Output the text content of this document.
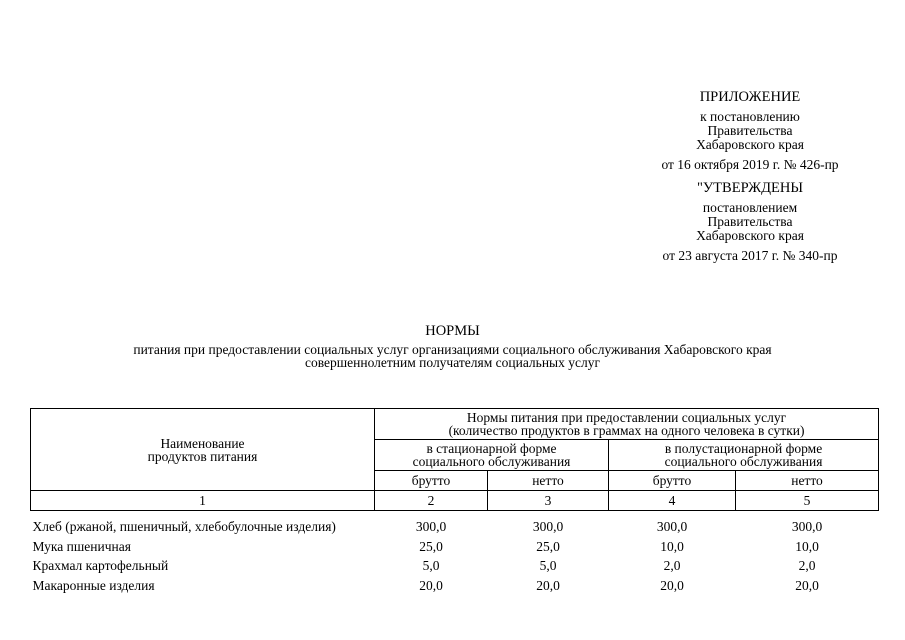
ПРИЛОЖЕНИЕ
к постановлению
Правительства
Хабаровского края
от 16 октября 2019 г. № 426-пр
"УТВЕРЖДЕНЫ
постановлением
Правительства
Хабаровского края
от 23 августа 2017 г. № 340-пр
НОРМЫ
питания при предоставлении социальных услуг организациями социального обслуживания Хабаровского края
совершеннолетним получателям социальных услуг
Наименование
продуктов питания	Нормы питания при предоставлении социальных услуг
(количество продуктов в граммах на одного человека в сутки)			
	в стационарной форме
социального обслуживания		в полустационарной форме
социального обслуживания	
	брутто	нетто	брутто	нетто
1	2	3	4	5

Хлеб (ржаной, пшеничный, хлебобулочные изделия)	300,0	300,0	300,0	300,0
Мука пшеничная	25,0	25,0	10,0	10,0
Крахмал картофельный	5,0	5,0	2,0	2,0
Макаронные изделия	20,0	20,0	20,0	20,0
